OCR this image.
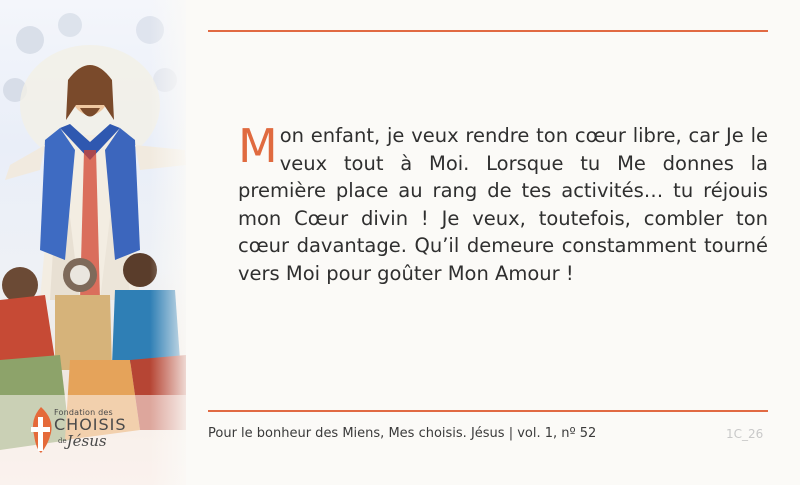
Fondation des
CHOISIS
$^{de}$Jésus
Mon enfant, je veux rendre ton cœur libre, car Je le veux tout à Moi. Lorsque tu Me donnes la première place au rang de tes activités… tu réjouis mon Cœur divin ! Je veux, toutefois, combler ton cœur davantage. Qu’il demeure constamment tourné vers Moi pour goûter Mon Amour !
Pour le bonheur des Miens, Mes choisis. Jésus | vol. 1, nº 52	1C_26
